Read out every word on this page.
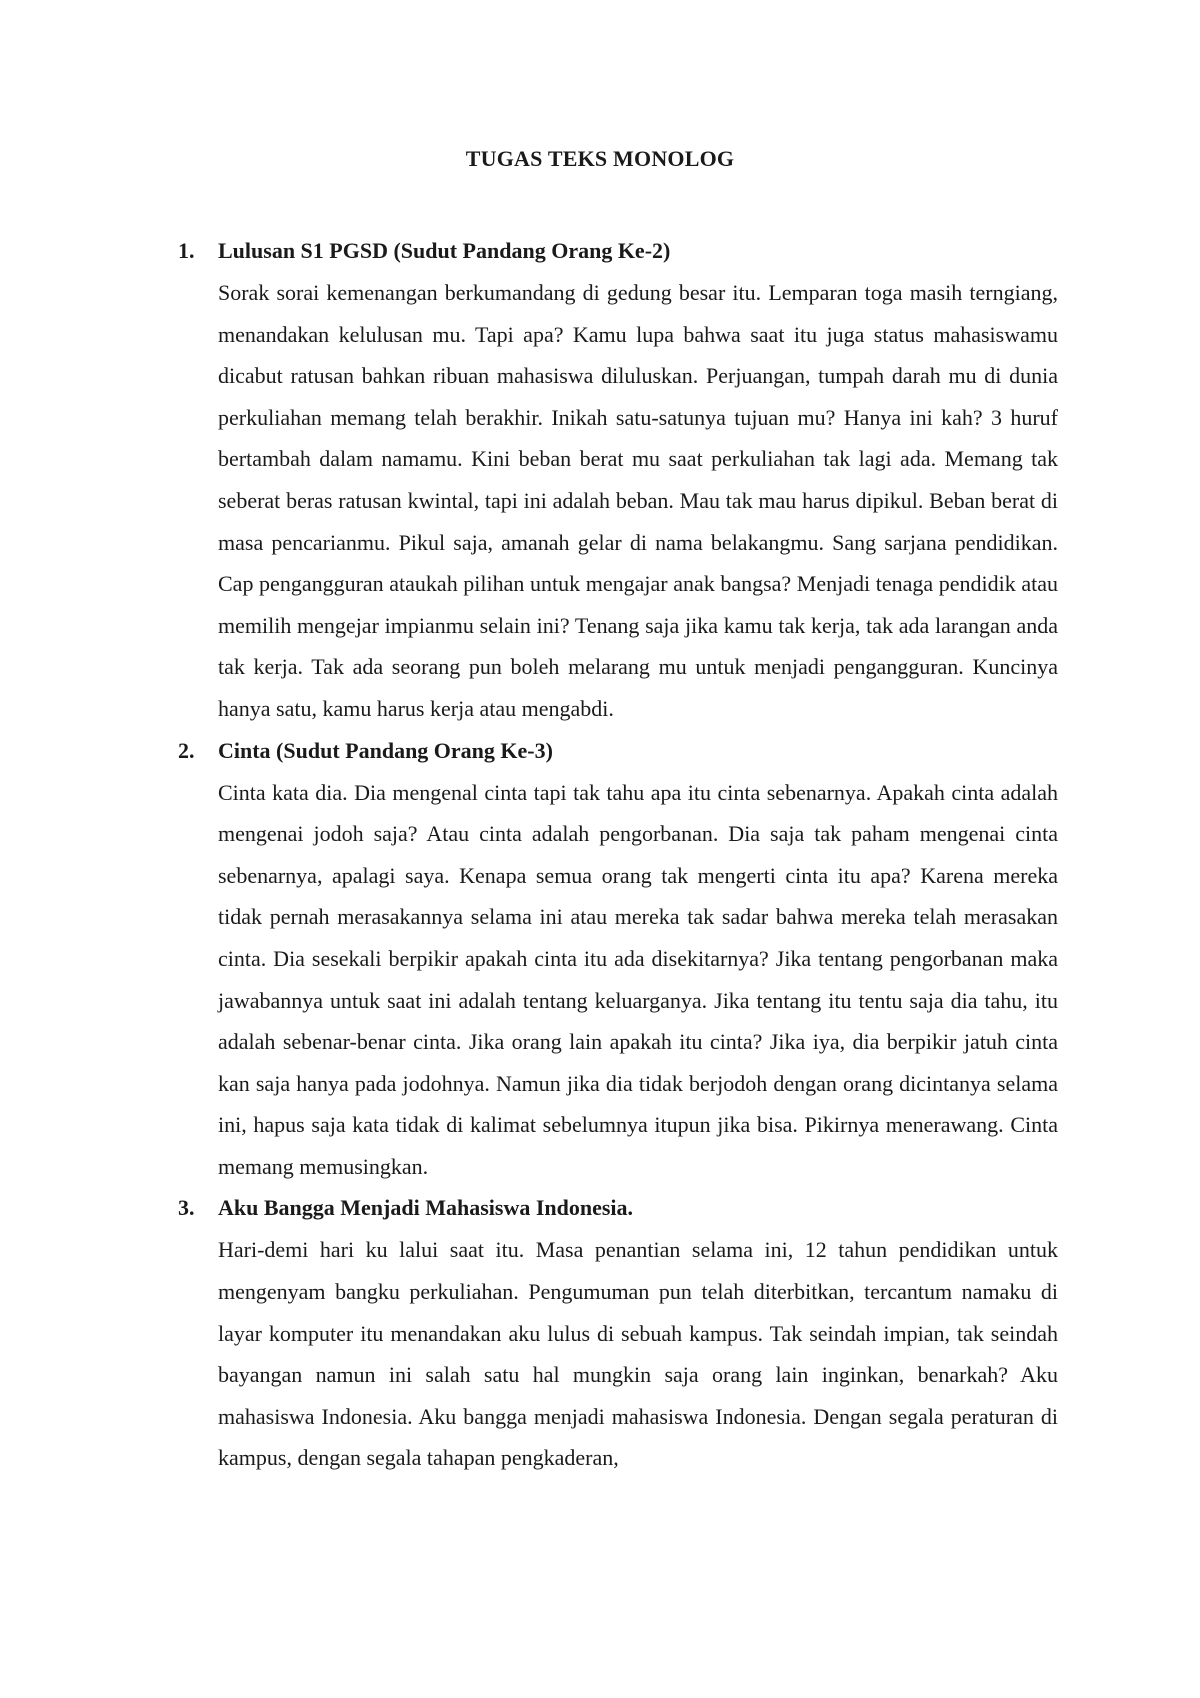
TUGAS TEKS MONOLOG
1. Lulusan S1 PGSD (Sudut Pandang Orang Ke-2)

Sorak sorai kemenangan berkumandang di gedung besar itu. Lemparan toga masih terngiang, menandakan kelulusan mu. Tapi apa? Kamu lupa bahwa saat itu juga status mahasiswamu dicabut ratusan bahkan ribuan mahasiswa diluluskan. Perjuangan, tumpah darah mu di dunia perkuliahan memang telah berakhir. Inikah satu-satunya tujuan mu? Hanya ini kah? 3 huruf bertambah dalam namamu. Kini beban berat mu saat perkuliahan tak lagi ada. Memang tak seberat beras ratusan kwintal, tapi ini adalah beban. Mau tak mau harus dipikul. Beban berat di masa pencarianmu. Pikul saja, amanah gelar di nama belakangmu. Sang sarjana pendidikan. Cap pengangguran ataukah pilihan untuk mengajar anak bangsa? Menjadi tenaga pendidik atau memilih mengejar impianmu selain ini? Tenang saja jika kamu tak kerja, tak ada larangan anda tak kerja. Tak ada seorang pun boleh melarang mu untuk menjadi pengangguran. Kuncinya hanya satu, kamu harus kerja atau mengabdi.

2. Cinta (Sudut Pandang Orang Ke-3)

Cinta kata dia. Dia mengenal cinta tapi tak tahu apa itu cinta sebenarnya. Apakah cinta adalah mengenai jodoh saja? Atau cinta adalah pengorbanan. Dia saja tak paham mengenai cinta sebenarnya, apalagi saya. Kenapa semua orang tak mengerti cinta itu apa? Karena mereka tidak pernah merasakannya selama ini atau mereka tak sadar bahwa mereka telah merasakan cinta. Dia sesekali berpikir apakah cinta itu ada disekitarnya? Jika tentang pengorbanan maka jawabannya untuk saat ini adalah tentang keluarganya. Jika tentang itu tentu saja dia tahu, itu adalah sebenar-benar cinta. Jika orang lain apakah itu cinta? Jika iya, dia berpikir jatuh cinta kan saja hanya pada jodohnya. Namun jika dia tidak berjodoh dengan orang dicintanya selama ini, hapus saja kata tidak di kalimat sebelumnya itupun jika bisa. Pikirnya menerawang. Cinta memang memusingkan.

3. Aku Bangga Menjadi Mahasiswa Indonesia.

Hari-demi hari ku lalui saat itu. Masa penantian selama ini, 12 tahun pendidikan untuk mengenyam bangku perkuliahan. Pengumuman pun telah diterbitkan, tercantum namaku di layar komputer itu menandakan aku lulus di sebuah kampus. Tak seindah impian, tak seindah bayangan namun ini salah satu hal mungkin saja orang lain inginkan, benarkah? Aku mahasiswa Indonesia. Aku bangga menjadi mahasiswa Indonesia. Dengan segala peraturan di kampus, dengan segala tahapan pengkaderan,
